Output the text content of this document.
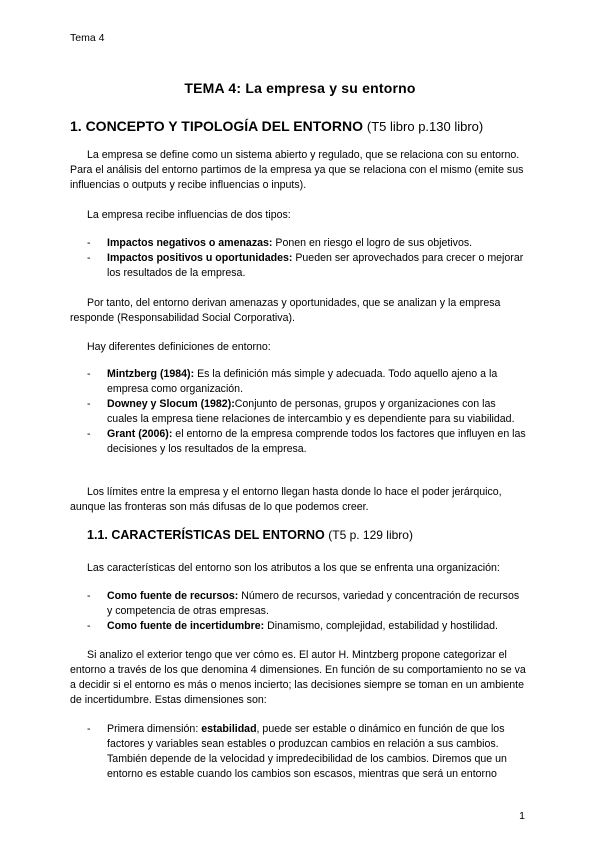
Tema 4
TEMA 4: La empresa y su entorno
1. CONCEPTO Y TIPOLOGÍA DEL ENTORNO (T5 libro p.130 libro)
La empresa se define como un sistema abierto y regulado, que se relaciona con su entorno. Para el análisis del entorno partimos de la empresa ya que se relaciona con el mismo (emite sus influencias o outputs y recibe influencias o inputs).
La empresa recibe influencias de dos tipos:
- Impactos negativos o amenazas: Ponen en riesgo el logro de sus objetivos.
- Impactos positivos u oportunidades: Pueden ser aprovechados para crecer o mejorar los resultados de la empresa.
Por tanto, del entorno derivan amenazas y oportunidades, que se analizan y la empresa responde (Responsabilidad Social Corporativa).
Hay diferentes definiciones de entorno:
- Mintzberg (1984): Es la definición más simple y adecuada. Todo aquello ajeno a la empresa como organización.
- Downey y Slocum (1982):Conjunto de personas, grupos y organizaciones con las cuales la empresa tiene relaciones de intercambio y es dependiente para su viabilidad.
- Grant (2006): el entorno de la empresa comprende todos los factores que influyen en las decisiones y los resultados de la empresa.
Los límites entre la empresa y el entorno llegan hasta donde lo hace el poder jerárquico, aunque las fronteras son más difusas de lo que podemos creer.
1.1. CARACTERÍSTICAS DEL ENTORNO (T5 p. 129 libro)
Las características del entorno son los atributos a los que se enfrenta una organización:
- Como fuente de recursos: Número de recursos, variedad y concentración de recursos y competencia de otras empresas.
- Como fuente de incertidumbre: Dinamismo, complejidad, estabilidad y hostilidad.
Si analizo el exterior tengo que ver cómo es. El autor H. Mintzberg propone categorizar el entorno a través de los que denomina 4 dimensiones. En función de su comportamiento no se va a decidir si el entorno es más o menos incierto; las decisiones siempre se toman en un ambiente de incertidumbre. Estas dimensiones son:
- Primera dimensión: estabilidad, puede ser estable o dinámico en función de que los factores y variables sean estables o produzcan cambios en relación a sus cambios. También depende de la velocidad y impredecibilidad de los cambios. Diremos que un entorno es estable cuando los cambios son escasos, mientras que será un entorno
1
